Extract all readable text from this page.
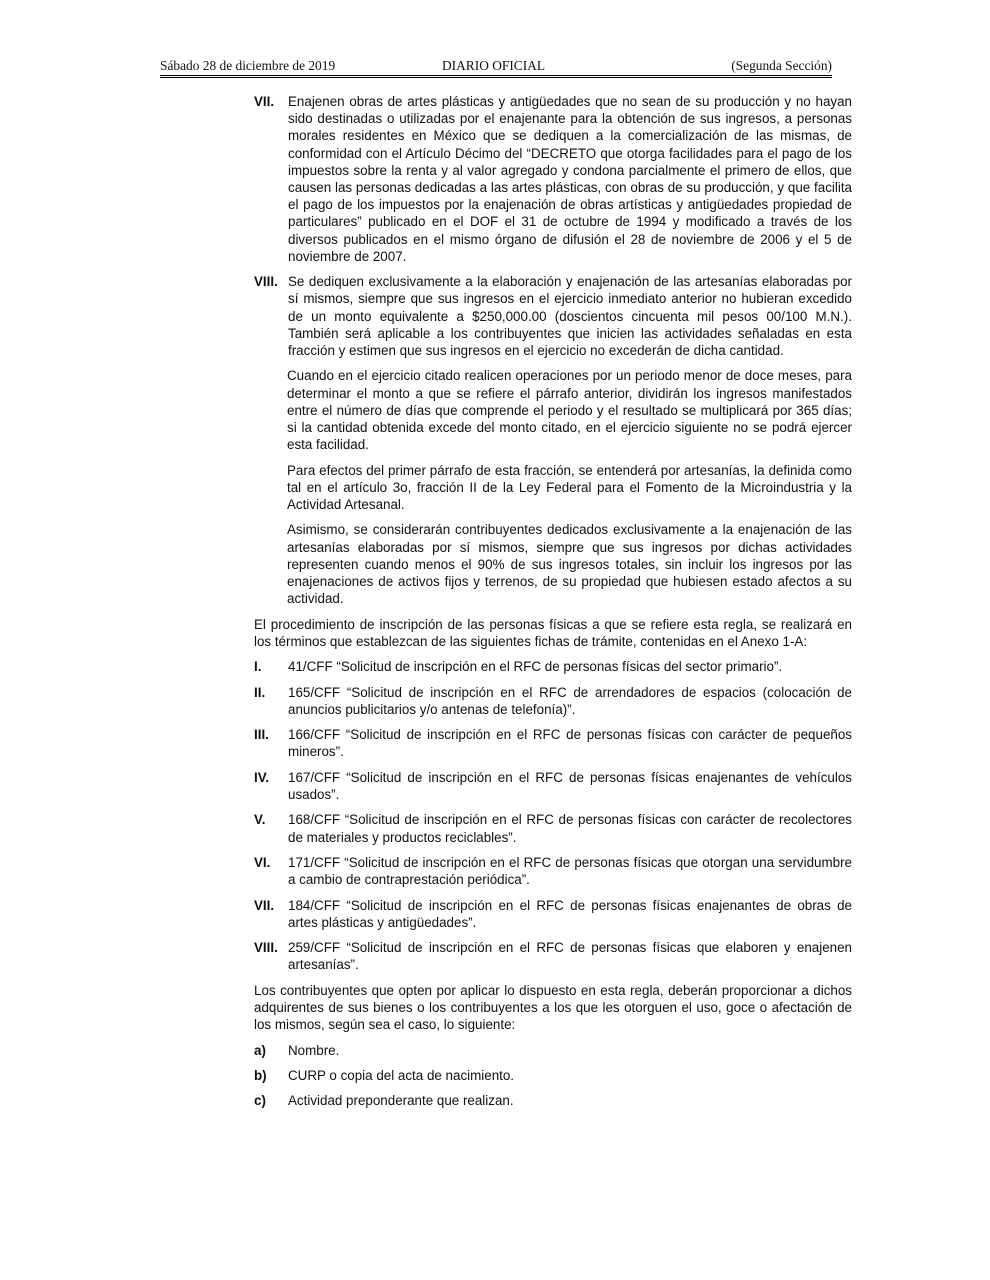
Sábado 28 de diciembre de 2019	DIARIO OFICIAL	(Segunda Sección)
VII.	Enajenen obras de artes plásticas y antigüedades que no sean de su producción y no hayan sido destinadas o utilizadas por el enajenante para la obtención de sus ingresos, a personas morales residentes en México que se dediquen a la comercialización de las mismas, de conformidad con el Artículo Décimo del “DECRETO que otorga facilidades para el pago de los impuestos sobre la renta y al valor agregado y condona parcialmente el primero de ellos, que causen las personas dedicadas a las artes plásticas, con obras de su producción, y que facilita el pago de los impuestos por la enajenación de obras artísticas y antigüedades propiedad de particulares” publicado en el DOF el 31 de octubre de 1994 y modificado a través de los diversos publicados en el mismo órgano de difusión el 28 de noviembre de 2006 y el 5 de noviembre de 2007.
VIII. Se dediquen exclusivamente a la elaboración y enajenación de las artesanías elaboradas por sí mismos, siempre que sus ingresos en el ejercicio inmediato anterior no hubieran excedido de un monto equivalente a $250,000.00 (doscientos cincuenta mil pesos 00/100 M.N.). También será aplicable a los contribuyentes que inicien las actividades señaladas en esta fracción y estimen que sus ingresos en el ejercicio no excederán de dicha cantidad.
Cuando en el ejercicio citado realicen operaciones por un periodo menor de doce meses, para determinar el monto a que se refiere el párrafo anterior, dividirán los ingresos manifestados entre el número de días que comprende el periodo y el resultado se multiplicará por 365 días; si la cantidad obtenida excede del monto citado, en el ejercicio siguiente no se podrá ejercer esta facilidad.
Para efectos del primer párrafo de esta fracción, se entenderá por artesanías, la definida como tal en el artículo 3o, fracción II de la Ley Federal para el Fomento de la Microindustria y la Actividad Artesanal.
Asimismo, se considerarán contribuyentes dedicados exclusivamente a la enajenación de las artesanías elaboradas por sí mismos, siempre que sus ingresos por dichas actividades representen cuando menos el 90% de sus ingresos totales, sin incluir los ingresos por las enajenaciones de activos fijos y terrenos, de su propiedad que hubiesen estado afectos a su actividad.
El procedimiento de inscripción de las personas físicas a que se refiere esta regla, se realizará en los términos que establezcan de las siguientes fichas de trámite, contenidas en el Anexo 1-A:
I.	41/CFF “Solicitud de inscripción en el RFC de personas físicas del sector primario”.
II.	165/CFF “Solicitud de inscripción en el RFC de arrendadores de espacios (colocación de anuncios publicitarios y/o antenas de telefonía)”.
III.	166/CFF “Solicitud de inscripción en el RFC de personas físicas con carácter de pequeños mineros”.
IV.	167/CFF “Solicitud de inscripción en el RFC de personas físicas enajenantes de vehículos usados”.
V.	168/CFF “Solicitud de inscripción en el RFC de personas físicas con carácter de recolectores de materiales y productos reciclables”.
VI.	171/CFF “Solicitud de inscripción en el RFC de personas físicas que otorgan una servidumbre a cambio de contraprestación periódica”.
VII.	184/CFF “Solicitud de inscripción en el RFC de personas físicas enajenantes de obras de artes plásticas y antigüedades”.
VIII. 259/CFF “Solicitud de inscripción en el RFC de personas físicas que elaboren y enajenen artesanías”.
Los contribuyentes que opten por aplicar lo dispuesto en esta regla, deberán proporcionar a dichos adquirentes de sus bienes o los contribuyentes a los que les otorguen el uso, goce o afectación de los mismos, según sea el caso, lo siguiente:
a)	Nombre.
b)	CURP o copia del acta de nacimiento.
c)	Actividad preponderante que realizan.
